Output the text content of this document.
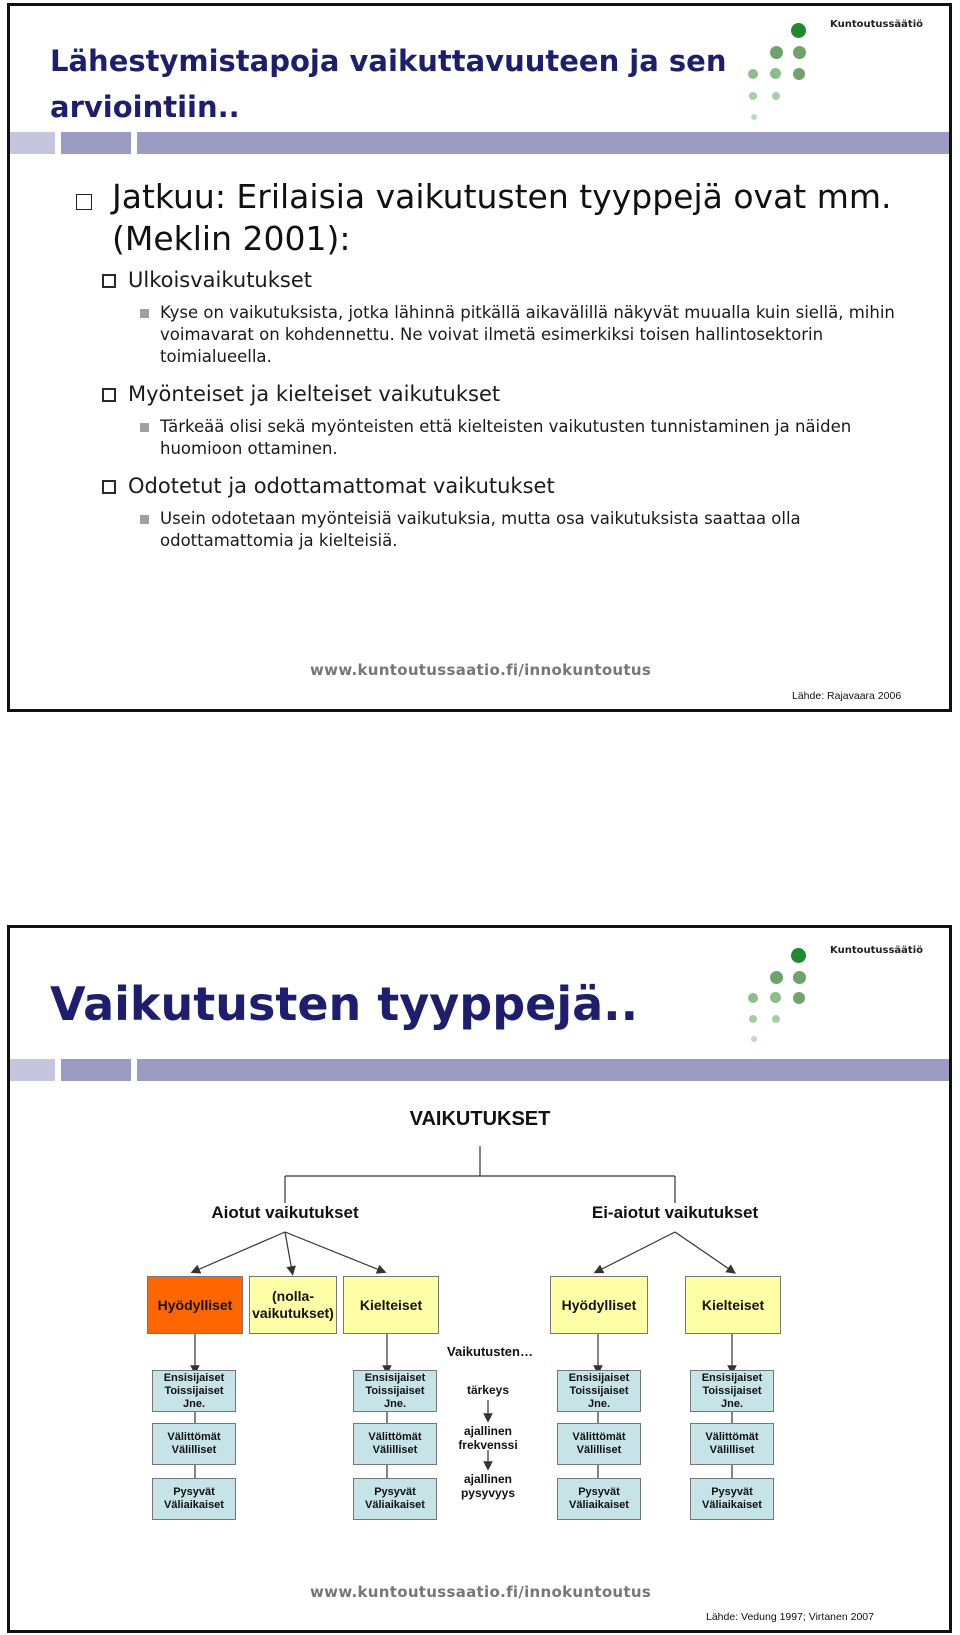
Lähestymistapoja vaikuttavuuteen ja sen arviointiin..
Kuntoutussäätiö
Jatkuu: Erilaisia vaikutusten tyyppejä ovat mm. (Meklin 2001):
Ulkoisvaikutukset
Kyse on vaikutuksista, jotka lähinnä pitkällä aikavälillä näkyvät muualla kuin siellä, mihin voimavarat on kohdennettu. Ne voivat ilmetä esimerkiksi toisen hallintosektorin toimialueella.
Myönteiset ja kielteiset vaikutukset
Tärkeää olisi sekä myönteisten että kielteisten vaikutusten tunnistaminen ja näiden huomioon ottaminen.
Odotetut ja odottamattomat vaikutukset
Usein odotetaan myönteisiä vaikutuksia, mutta osa vaikutuksista saattaa olla odottamattomia ja kielteisiä.
www.kuntoutussaatio.fi/innokuntoutus
Lähde: Rajavaara 2006
Vaikutusten tyyppejä..
Kuntoutussäätiö
VAIKUTUKSET
Aiotut vaikutukset	Ei-aiotut vaikutukset
Hyödylliset
(nolla-
vaikutukset)	Kielteiset	Hyödylliset	Kielteiset
Vaikutusten…
Ensisijaiset
Toissijaiset
Jne.
Välittömät
Välilliset
Pysyvät
Väliaikaiset
Ensisijaiset
Toissijaiset
Jne.
Välittömät
Välilliset
Pysyvät
Väliaikaiset
Ensisijaiset
Toissijaiset
Jne.
Välittömät
Välilliset
Pysyvät
Väliaikaiset
Ensisijaiset
Toissijaiset
Jne.
Välittömät
Välilliset
Pysyvät
Väliaikaiset
tärkeys
ajallinen
frekvenssi
ajallinen
pysyvyys
www.kuntoutussaatio.fi/innokuntoutus
Lähde: Vedung 1997; Virtanen 2007
